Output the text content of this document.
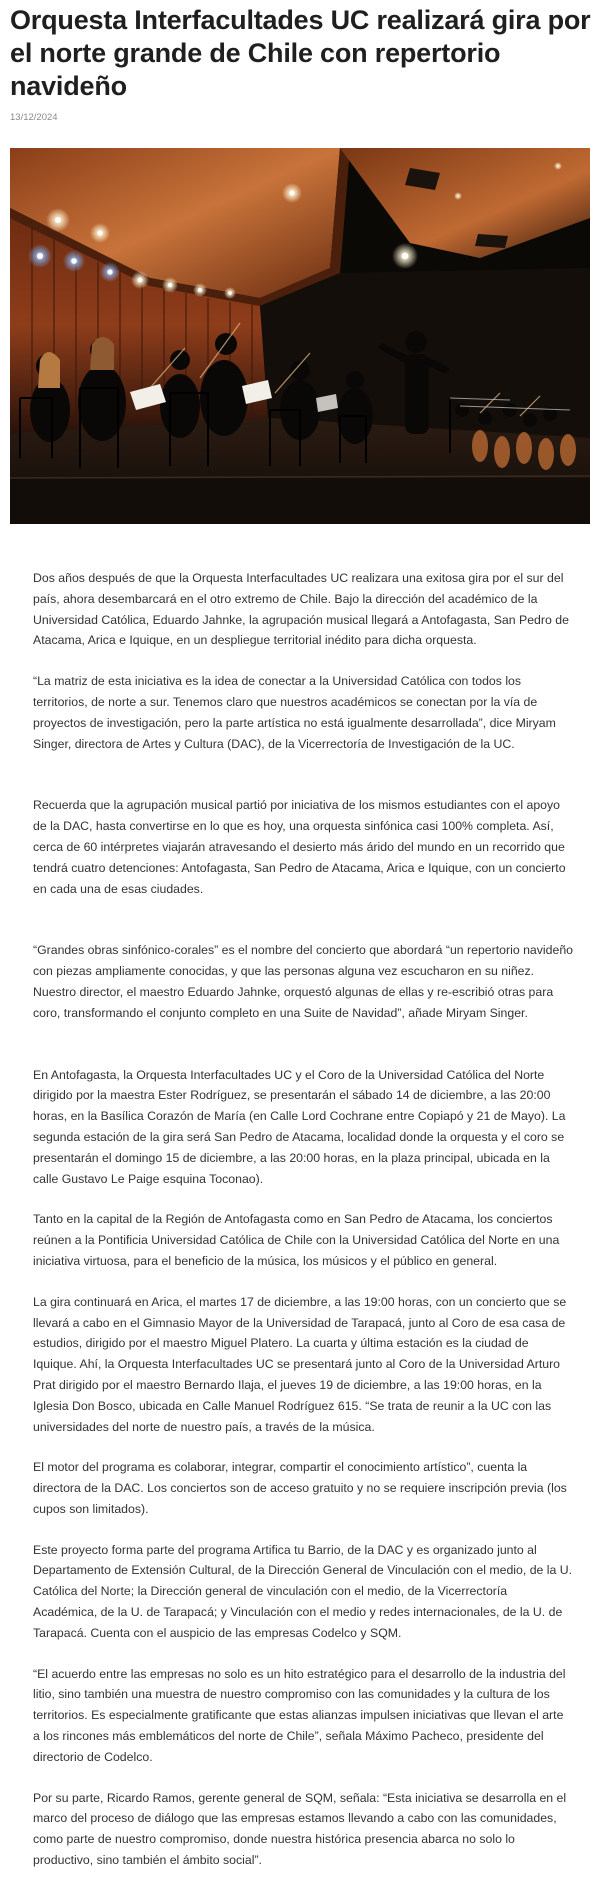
Orquesta Interfacultades UC realizará gira por el norte grande de Chile con repertorio navideño
13/12/2024

Dos años después de que la Orquesta Interfacultades UC realizara una exitosa gira por el sur del país, ahora desembarcará en el otro extremo de Chile. Bajo la dirección del académico de la Universidad Católica, Eduardo Jahnke, la agrupación musical llegará a Antofagasta, San Pedro de Atacama, Arica e Iquique, en un despliegue territorial inédito para dicha orquesta.

“La matriz de esta iniciativa es la idea de conectar a la Universidad Católica con todos los territorios, de norte a sur. Tenemos claro que nuestros académicos se conectan por la vía de proyectos de investigación, pero la parte artística no está igualmente desarrollada”, dice Miryam Singer, directora de Artes y Cultura (DAC), de la Vicerrectoría de Investigación de la UC.

Recuerda que la agrupación musical partió por iniciativa de los mismos estudiantes con el apoyo de la DAC, hasta convertirse en lo que es hoy, una orquesta sinfónica casi 100% completa. Así, cerca de 60 intérpretes viajarán atravesando el desierto más árido del mundo en un recorrido que tendrá cuatro detenciones: Antofagasta, San Pedro de Atacama, Arica e Iquique, con un concierto en cada una de esas ciudades.

“Grandes obras sinfónico-corales” es el nombre del concierto que abordará “un repertorio navideño con piezas ampliamente conocidas, y que las personas alguna vez escucharon en su niñez. Nuestro director, el maestro Eduardo Jahnke, orquestó algunas de ellas y re-escribió otras para coro, transformando el conjunto completo en una Suite de Navidad”, añade Miryam Singer.

En Antofagasta, la Orquesta Interfacultades UC y el Coro de la Universidad Católica del Norte dirigido por la maestra Ester Rodríguez, se presentarán el sábado 14 de diciembre, a las 20:00 horas, en la Basílica Corazón de María (en Calle Lord Cochrane entre Copiapó y 21 de Mayo). La segunda estación de la gira será San Pedro de Atacama, localidad donde la orquesta y el coro se presentarán el domingo 15 de diciembre, a las 20:00 horas, en la plaza principal, ubicada en la calle Gustavo Le Paige esquina Toconao).

Tanto en la capital de la Región de Antofagasta como en San Pedro de Atacama, los conciertos reúnen a la Pontificia Universidad Católica de Chile con la Universidad Católica del Norte en una iniciativa virtuosa, para el beneficio de la música, los músicos y el público en general.

La gira continuará en Arica, el martes 17 de diciembre, a las 19:00 horas, con un concierto que se llevará a cabo en el Gimnasio Mayor de la Universidad de Tarapacá, junto al Coro de esa casa de estudios, dirigido por el maestro Miguel Platero. La cuarta y última estación es la ciudad de Iquique. Ahí, la Orquesta Interfacultades UC se presentará junto al Coro de la Universidad Arturo Prat dirigido por el maestro Bernardo Ilaja, el jueves 19 de diciembre, a las 19:00 horas, en la Iglesia Don Bosco, ubicada en Calle Manuel Rodríguez 615. “Se trata de reunir a la UC con las universidades del norte de nuestro país, a través de la música.

El motor del programa es colaborar, integrar, compartir el conocimiento artístico”, cuenta la directora de la DAC. Los conciertos son de acceso gratuito y no se requiere inscripción previa (los cupos son limitados).

Este proyecto forma parte del programa Artifica tu Barrio, de la DAC y es organizado junto al Departamento de Extensión Cultural, de la Dirección General de Vinculación con el medio, de la U. Católica del Norte; la Dirección general de vinculación con el medio, de la Vicerrectoría Académica, de la U. de Tarapacá; y Vinculación con el medio y redes internacionales, de la U. de Tarapacá. Cuenta con el auspicio de las empresas Codelco y SQM.

“El acuerdo entre las empresas no solo es un hito estratégico para el desarrollo de la industria del litio, sino también una muestra de nuestro compromiso con las comunidades y la cultura de los territorios. Es especialmente gratificante que estas alianzas impulsen iniciativas que llevan el arte a los rincones más emblemáticos del norte de Chile”, señala Máximo Pacheco, presidente del directorio de Codelco.

Por su parte, Ricardo Ramos, gerente general de SQM, señala: “Esta iniciativa se desarrolla en el marco del proceso de diálogo que las empresas estamos llevando a cabo con las comunidades, como parte de nuestro compromiso, donde nuestra histórica presencia abarca no solo lo productivo, sino también el ámbito social”.
